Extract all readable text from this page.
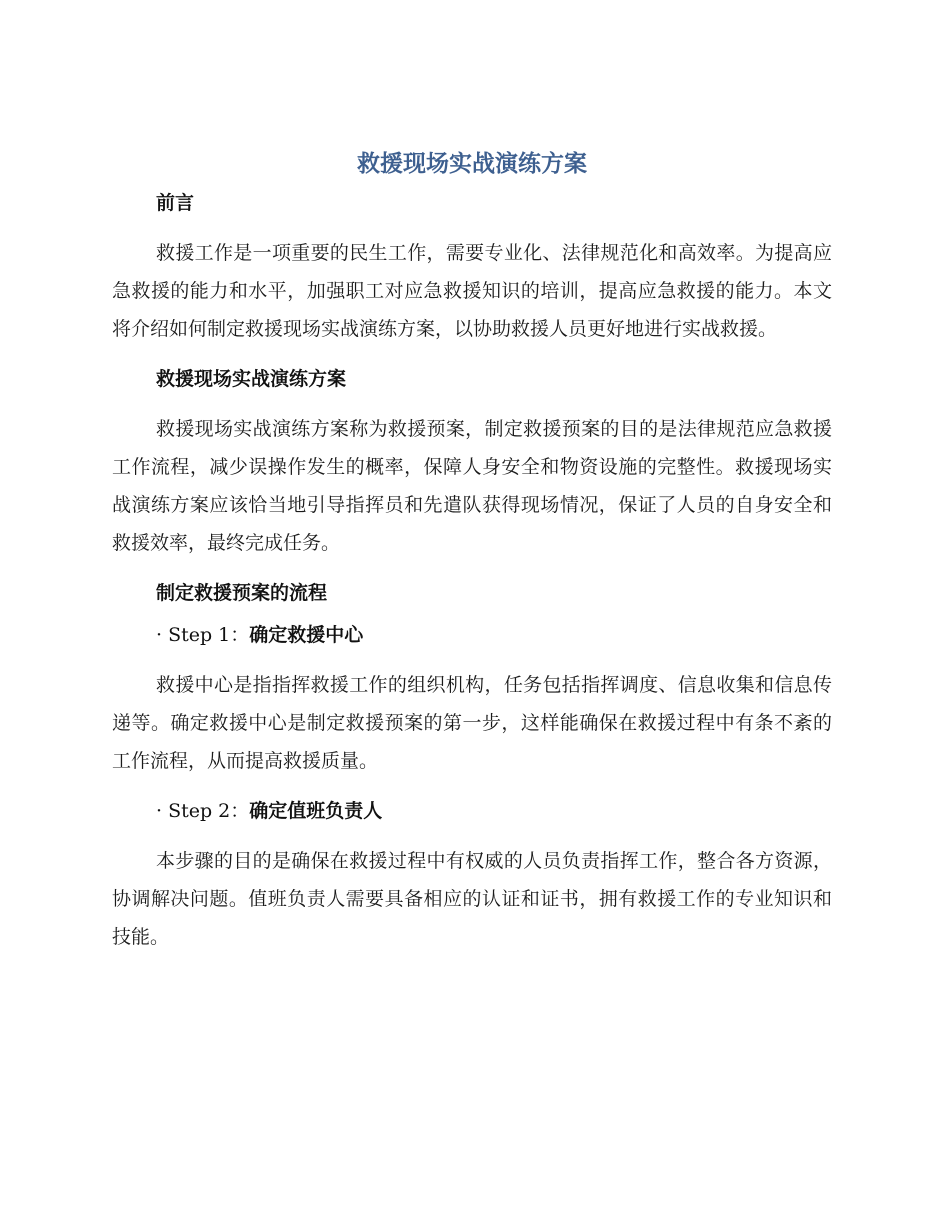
救援现场实战演练方案
前言

救援工作是一项重要的民生工作，需要专业化、法律规范化和高效率。为提高应急救援的能力和水平，加强职工对应急救援知识的培训，提高应急救援的能力。本文将介绍如何制定救援现场实战演练方案，以协助救援人员更好地进行实战救援。

救援现场实战演练方案

救援现场实战演练方案称为救援预案，制定救援预案的目的是法律规范应急救援工作流程，减少误操作发生的概率，保障人身安全和物资设施的完整性。救援现场实战演练方案应该恰当地引导指挥员和先遣队获得现场情况，保证了人员的自身安全和救援效率，最终完成任务。

制定救援预案的流程

· Step 1：确定救援中心

救援中心是指指挥救援工作的组织机构，任务包括指挥调度、信息收集和信息传递等。确定救援中心是制定救援预案的第一步，这样能确保在救援过程中有条不紊的工作流程，从而提高救援质量。

· Step 2：确定值班负责人

本步骤的目的是确保在救援过程中有权威的人员负责指挥工作，整合各方资源，协调解决问题。值班负责人需要具备相应的认证和证书，拥有救援工作的专业知识和技能。
